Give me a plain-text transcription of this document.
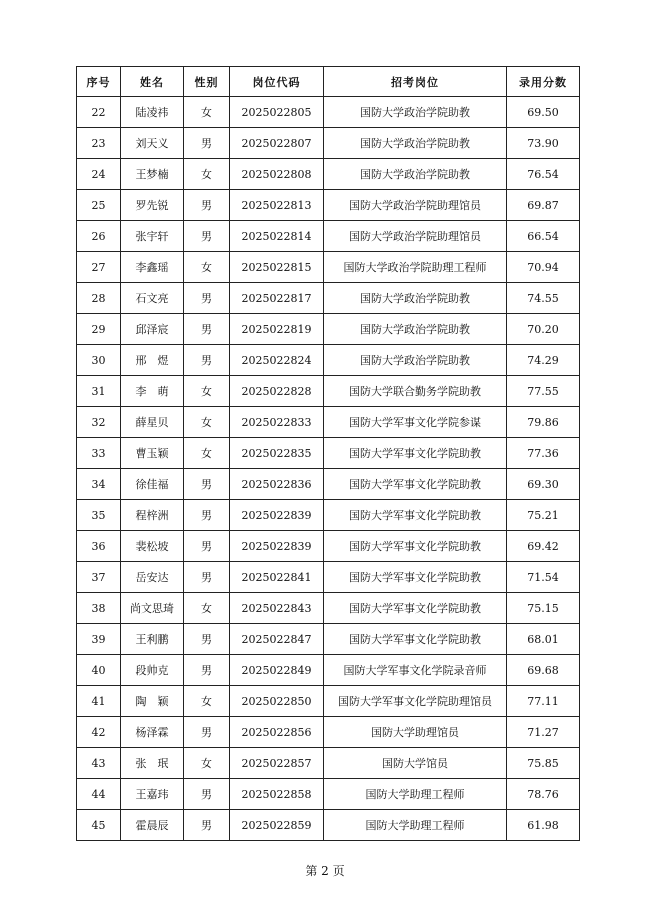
序号	姓名	性别	岗位代码	招考岗位	录用分数
22	陆凌祎	女	2025022805	国防大学政治学院助教	69.50
23	刘天义	男	2025022807	国防大学政治学院助教	73.90
24	王梦楠	女	2025022808	国防大学政治学院助教	76.54
25	罗先锐	男	2025022813	国防大学政治学院助理馆员	69.87
26	张宇轩	男	2025022814	国防大学政治学院助理馆员	66.54
27	李鑫瑶	女	2025022815	国防大学政治学院助理工程师	70.94
28	石文亮	男	2025022817	国防大学政治学院助教	74.55
29	邱泽宸	男	2025022819	国防大学政治学院助教	70.20
30	邢　煜	男	2025022824	国防大学政治学院助教	74.29
31	李　萌	女	2025022828	国防大学联合勤务学院助教	77.55
32	薛星贝	女	2025022833	国防大学军事文化学院参谋	79.86
33	曹玉颖	女	2025022835	国防大学军事文化学院助教	77.36
34	徐佳福	男	2025022836	国防大学军事文化学院助教	69.30
35	程梓洲	男	2025022839	国防大学军事文化学院助教	75.21
36	裴松坡	男	2025022839	国防大学军事文化学院助教	69.42
37	岳安达	男	2025022841	国防大学军事文化学院助教	71.54
38	尚文思琦	女	2025022843	国防大学军事文化学院助教	75.15
39	王利鹏	男	2025022847	国防大学军事文化学院助教	68.01
40	段帅克	男	2025022849	国防大学军事文化学院录音师	69.68
41	陶　颖	女	2025022850	国防大学军事文化学院助理馆员	77.11
42	杨泽霖	男	2025022856	国防大学助理馆员	71.27
43	张　珉	女	2025022857	国防大学馆员	75.85
44	王嘉玮	男	2025022858	国防大学助理工程师	78.76
45	霍晨辰	男	2025022859	国防大学助理工程师	61.98
第 2 页
